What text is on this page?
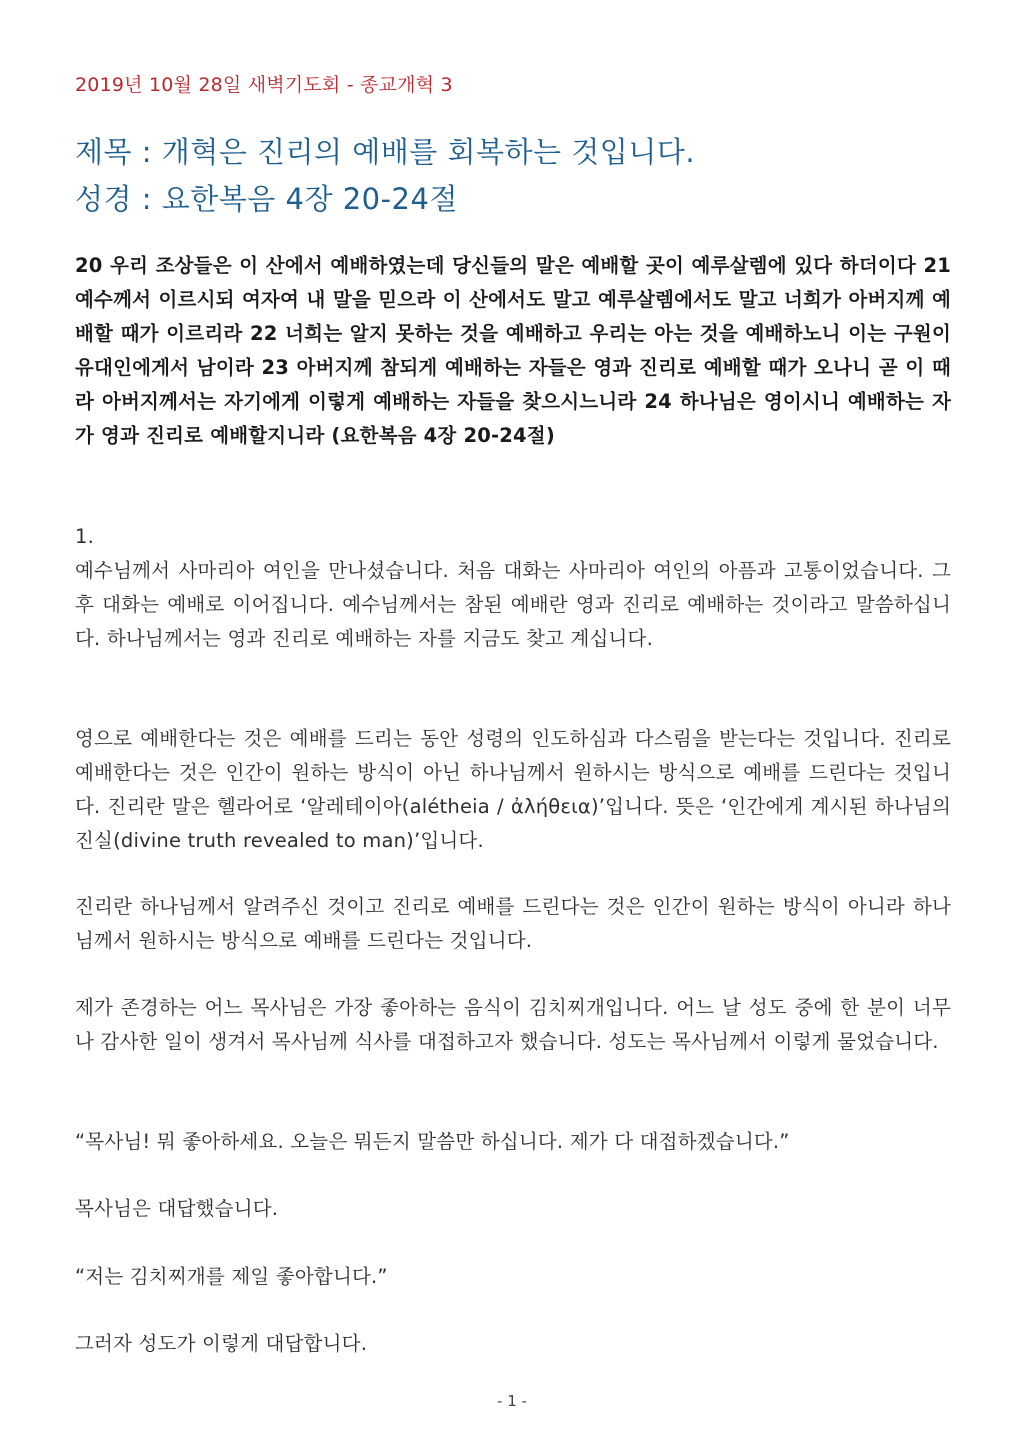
2019년 10월 28일 새벽기도회 - 종교개혁 3
제목 : 개혁은 진리의 예배를 회복하는 것입니다.
성경 : 요한복음 4장 20-24절
20 우리 조상들은 이 산에서 예배하였는데 당신들의 말은 예배할 곳이 예루살렘에 있다 하더이다 21 예수께서 이르시되 여자여 내 말을 믿으라 이 산에서도 말고 예루살렘에서도 말고 너희가 아버지께 예배할 때가 이르리라 22 너희는 알지 못하는 것을 예배하고 우리는 아는 것을 예배하노니 이는 구원이 유대인에게서 남이라 23 아버지께 참되게 예배하는 자들은 영과 진리로 예배할 때가 오나니 곧 이 때라 아버지께서는 자기에게 이렇게 예배하는 자들을 찾으시느니라 24 하나님은 영이시니 예배하는 자가 영과 진리로 예배할지니라 (요한복음 4장 20-24절)
1.
예수님께서 사마리아 여인을 만나셨습니다. 처음 대화는 사마리아 여인의 아픔과 고통이었습니다. 그 후 대화는 예배로 이어집니다. 예수님께서는 참된 예배란 영과 진리로 예배하는 것이라고 말씀하십니다. 하나님께서는 영과 진리로 예배하는 자를 지금도 찾고 계십니다.
영으로 예배한다는 것은 예배를 드리는 동안 성령의 인도하심과 다스림을 받는다는 것입니다. 진리로 예배한다는 것은 인간이 원하는 방식이 아닌 하나님께서 원하시는 방식으로 예배를 드린다는 것입니다. 진리란 말은 헬라어로 ‘알레테이아(alétheia / ἀλήθεια)’입니다. 뜻은 ‘인간에게 계시된 하나님의 진실(divine truth revealed to man)’입니다.
진리란 하나님께서 알려주신 것이고 진리로 예배를 드린다는 것은 인간이 원하는 방식이 아니라 하나님께서 원하시는 방식으로 예배를 드린다는 것입니다.
제가 존경하는 어느 목사님은 가장 좋아하는 음식이 김치찌개입니다. 어느 날 성도 중에 한 분이 너무나 감사한 일이 생겨서 목사님께 식사를 대접하고자 했습니다. 성도는 목사님께서 이렇게 물었습니다.
“목사님! 뭐 좋아하세요. 오늘은 뭐든지 말씀만 하십니다. 제가 다 대접하겠습니다.”
목사님은 대답했습니다.
“저는 김치찌개를 제일 좋아합니다.”
그러자 성도가 이렇게 대답합니다.
- 1 -
